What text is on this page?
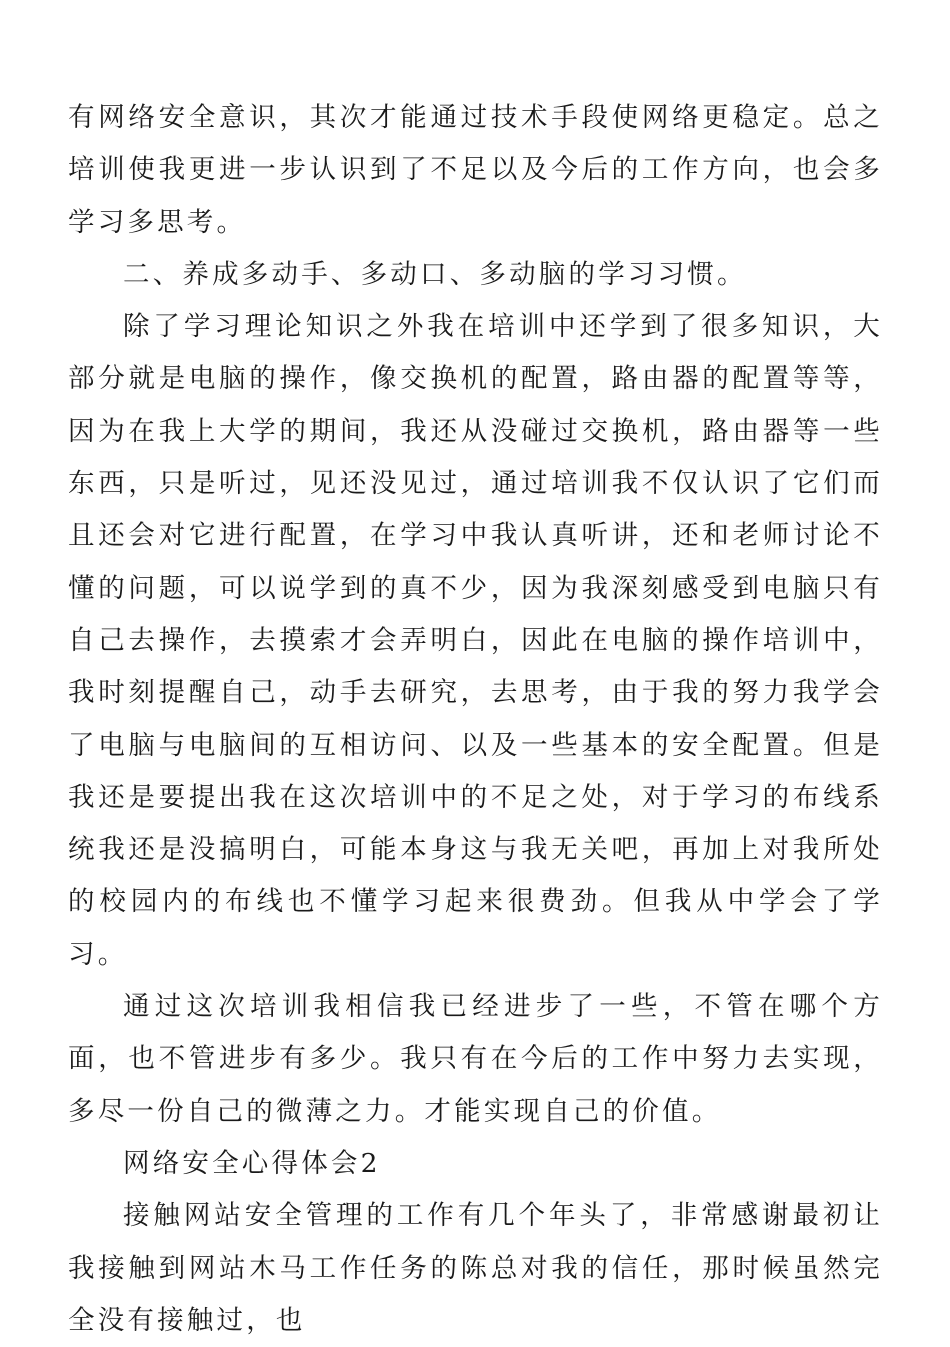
有网络安全意识，其次才能通过技术手段使网络更稳定。总之培训使我更进一步认识到了不足以及今后的工作方向，也会多学习多思考。

二、养成多动手、多动口、多动脑的学习习惯。

除了学习理论知识之外我在培训中还学到了很多知识，大部分就是电脑的操作，像交换机的配置，路由器的配置等等，因为在我上大学的期间，我还从没碰过交换机，路由器等一些东西，只是听过，见还没见过，通过培训我不仅认识了它们而且还会对它进行配置，在学习中我认真听讲，还和老师讨论不懂的问题，可以说学到的真不少，因为我深刻感受到电脑只有自己去操作，去摸索才会弄明白，因此在电脑的操作培训中，我时刻提醒自己，动手去研究，去思考，由于我的努力我学会了电脑与电脑间的互相访问、以及一些基本的安全配置。但是我还是要提出我在这次培训中的不足之处，对于学习的布线系统我还是没搞明白，可能本身这与我无关吧，再加上对我所处的校园内的布线也不懂学习起来很费劲。但我从中学会了学习。

通过这次培训我相信我已经进步了一些，不管在哪个方面，也不管进步有多少。我只有在今后的工作中努力去实现，多尽一份自己的微薄之力。才能实现自己的价值。

网络安全心得体会2

接触网站安全管理的工作有几个年头了，非常感谢最初让我接触到网站木马工作任务的陈总对我的信任，那时候虽然完全没有接触过，也
